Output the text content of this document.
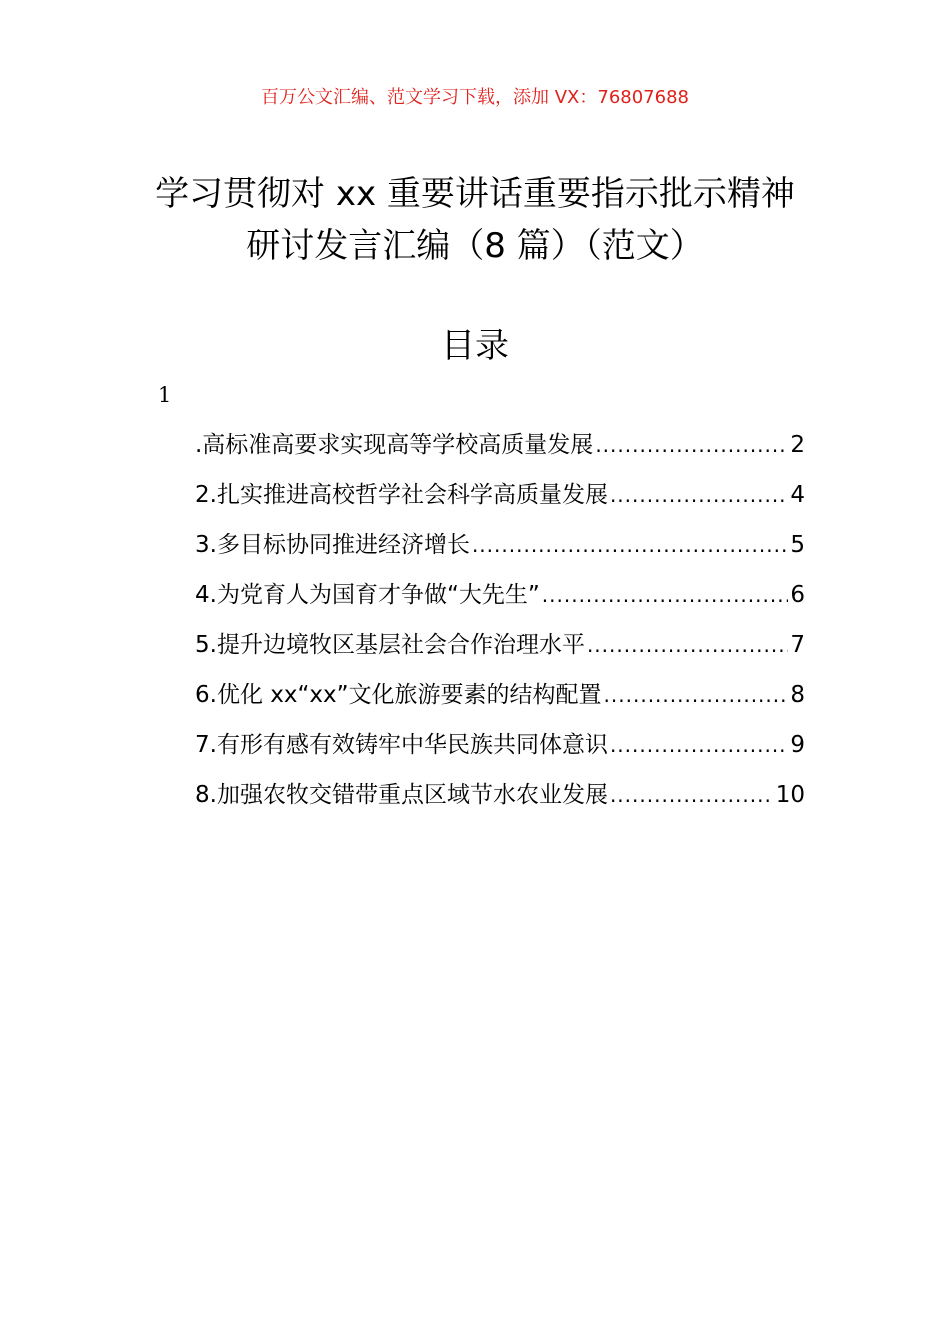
百万公文汇编、范文学习下载，添加 VX：76807688
学习贯彻对 xx 重要讲话重要指示批示精神
研讨发言汇编（8 篇）（范文）
目录
1
.高标准高要求实现高等学校高质量发展 .....	2
2.扎实推进高校哲学社会科学高质量发展 .....	4
3.多目标协同推进经济增长 .....	5
4.为党育人为国育才争做“大先生” .....	6
5.提升边境牧区基层社会合作治理水平 .....	7
6.优化 xx“xx”文化旅游要素的结构配置 .....	8
7.有形有感有效铸牢中华民族共同体意识 .....	9
8.加强农牧交错带重点区域节水农业发展 .....	10
